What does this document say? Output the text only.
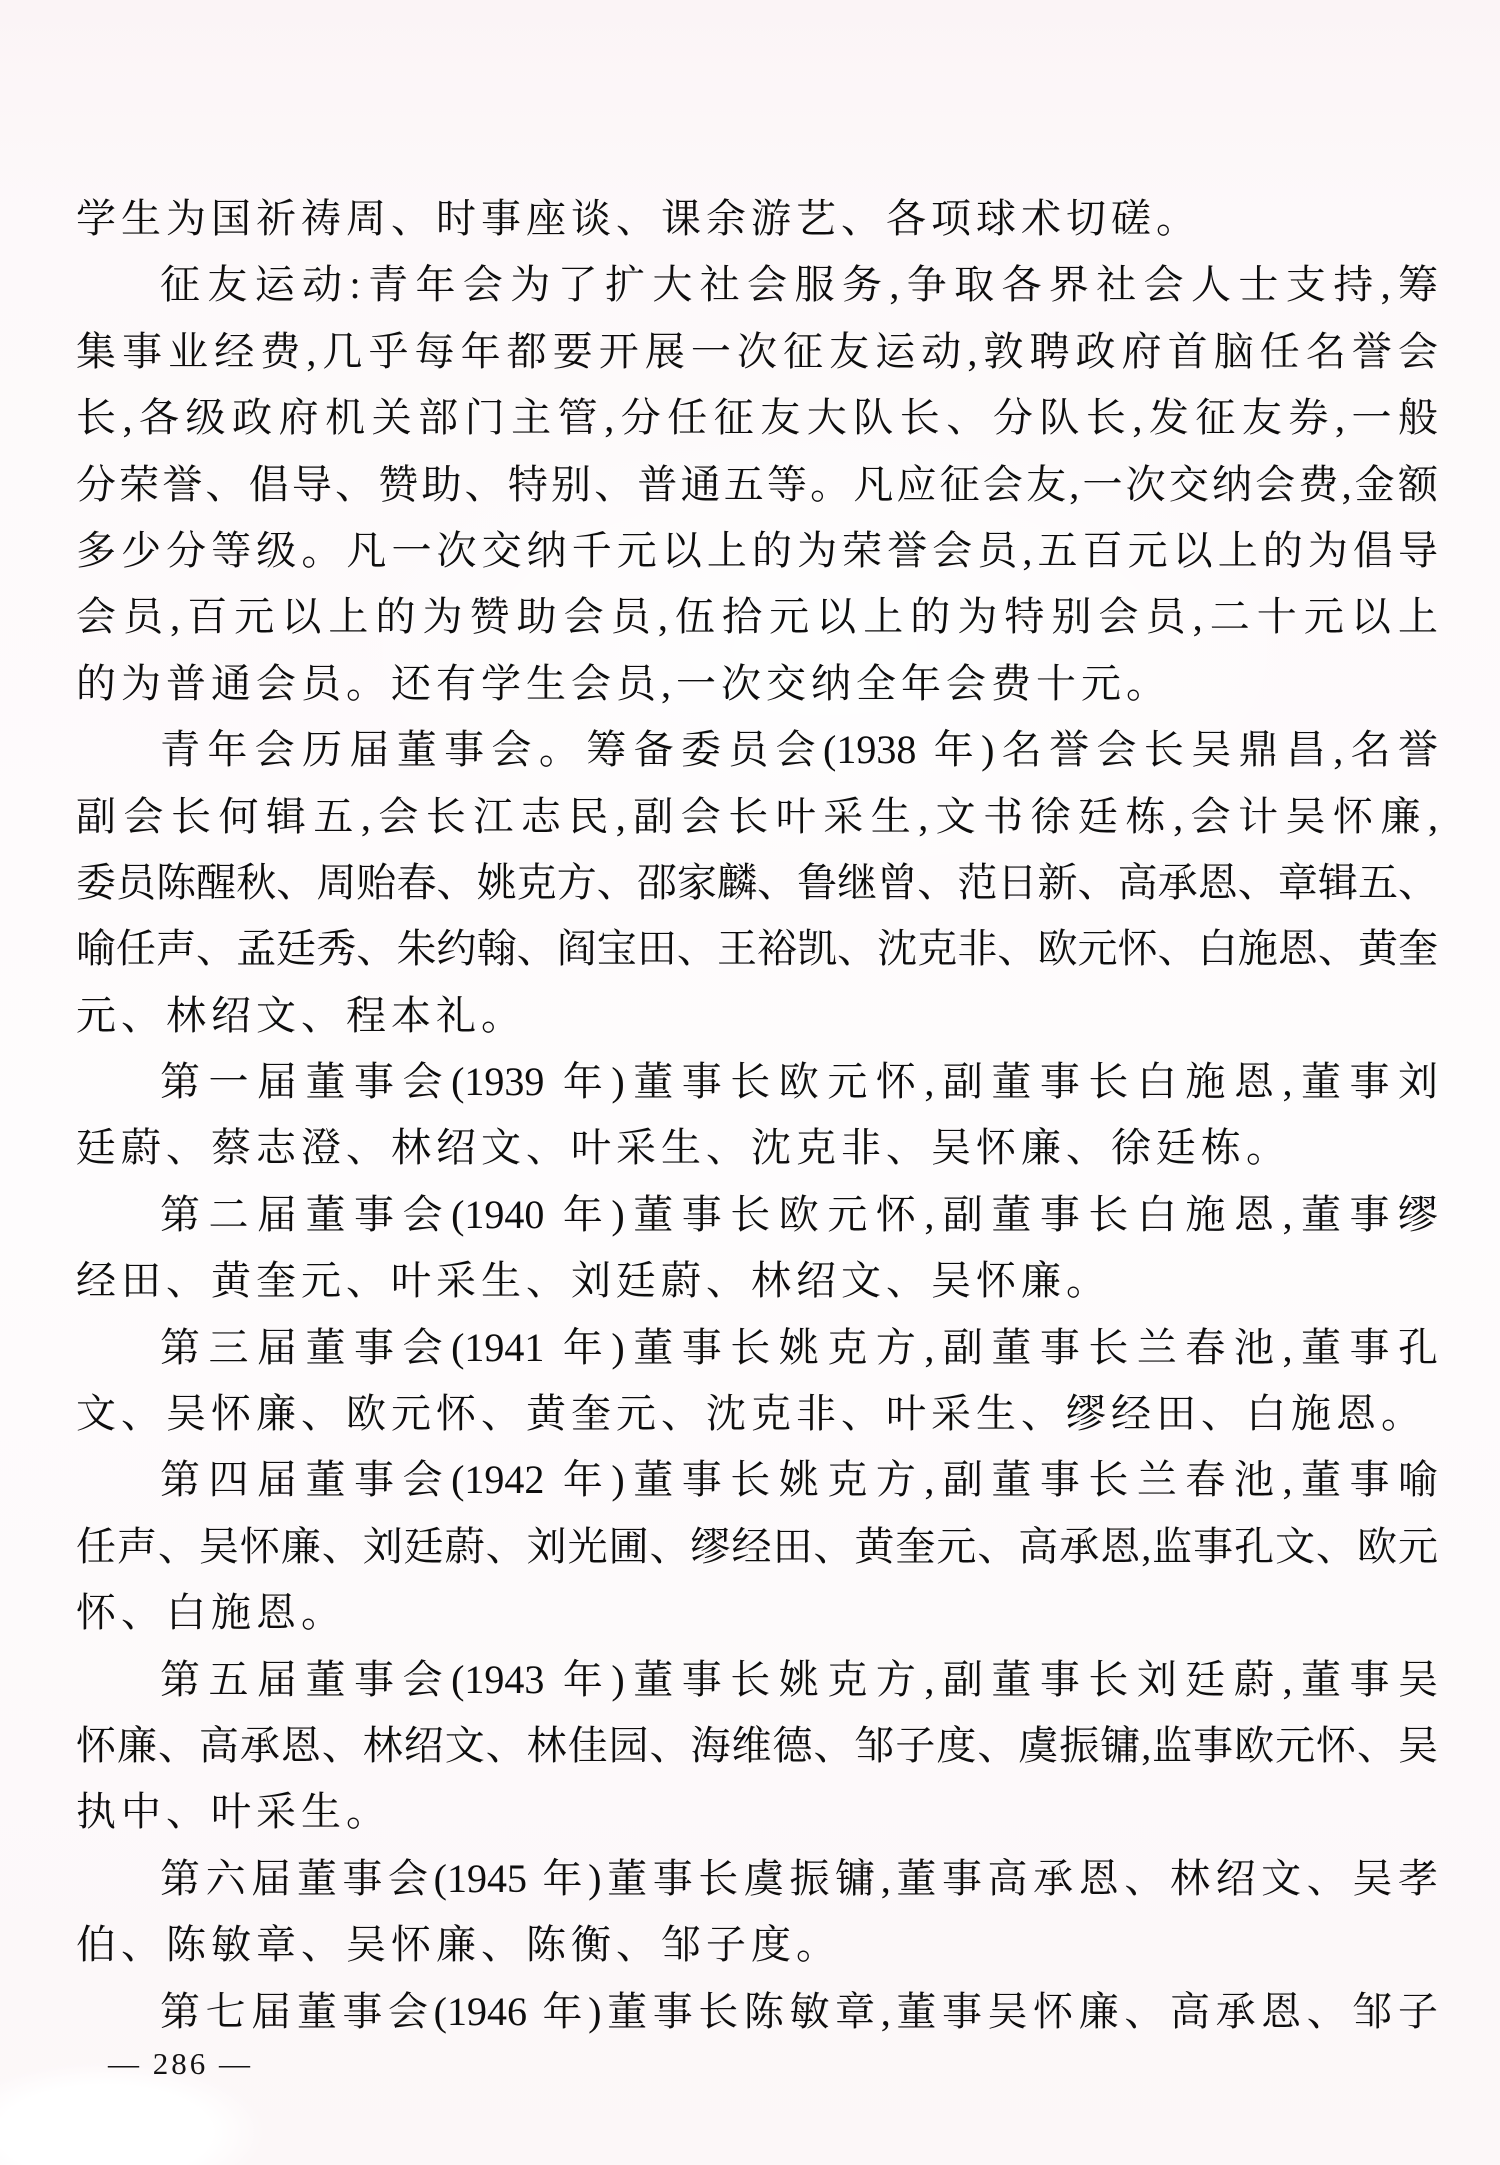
学生为国祈祷周、时事座谈、课余游艺、各项球术切磋。
征友运动:青年会为了扩大社会服务,争取各界社会人士支持,筹
集事业经费,几乎每年都要开展一次征友运动,敦聘政府首脑任名誉会
长,各级政府机关部门主管,分任征友大队长、分队长,发征友券,一般
分荣誉、倡导、赞助、特别、普通五等。凡应征会友,一次交纳会费,金额
多少分等级。凡一次交纳千元以上的为荣誉会员,五百元以上的为倡导
会员,百元以上的为赞助会员,伍拾元以上的为特别会员,二十元以上
的为普通会员。还有学生会员,一次交纳全年会费十元。
青年会历届董事会。筹备委员会(1938 年)名誉会长吴鼎昌,名誉
副会长何辑五,会长江志民,副会长叶采生,文书徐廷栋,会计吴怀廉,
委员陈醒秋、周贻春、姚克方、邵家麟、鲁继曾、范日新、高承恩、章辑五、
喻任声、孟廷秀、朱约翰、阎宝田、王裕凯、沈克非、欧元怀、白施恩、黄奎
元、林绍文、程本礼。
第一届董事会(1939 年)董事长欧元怀,副董事长白施恩,董事刘
廷蔚、蔡志澄、林绍文、叶采生、沈克非、吴怀廉、徐廷栋。
第二届董事会(1940 年)董事长欧元怀,副董事长白施恩,董事缪
经田、黄奎元、叶采生、刘廷蔚、林绍文、吴怀廉。
第三届董事会(1941 年)董事长姚克方,副董事长兰春池,董事孔
文、吴怀廉、欧元怀、黄奎元、沈克非、叶采生、缪经田、白施恩。
第四届董事会(1942 年)董事长姚克方,副董事长兰春池,董事喻
任声、吴怀廉、刘廷蔚、刘光圃、缪经田、黄奎元、高承恩,监事孔文、欧元
怀、白施恩。
第五届董事会(1943 年)董事长姚克方,副董事长刘廷蔚,董事吴
怀廉、高承恩、林绍文、林佳园、海维德、邹子度、虞振镛,监事欧元怀、吴
执中、叶采生。
第六届董事会(1945 年)董事长虞振镛,董事高承恩、林绍文、吴孝
伯、陈敏章、吴怀廉、陈衡、邹子度。
第七届董事会(1946 年)董事长陈敏章,董事吴怀廉、高承恩、邹子
— 286 —
